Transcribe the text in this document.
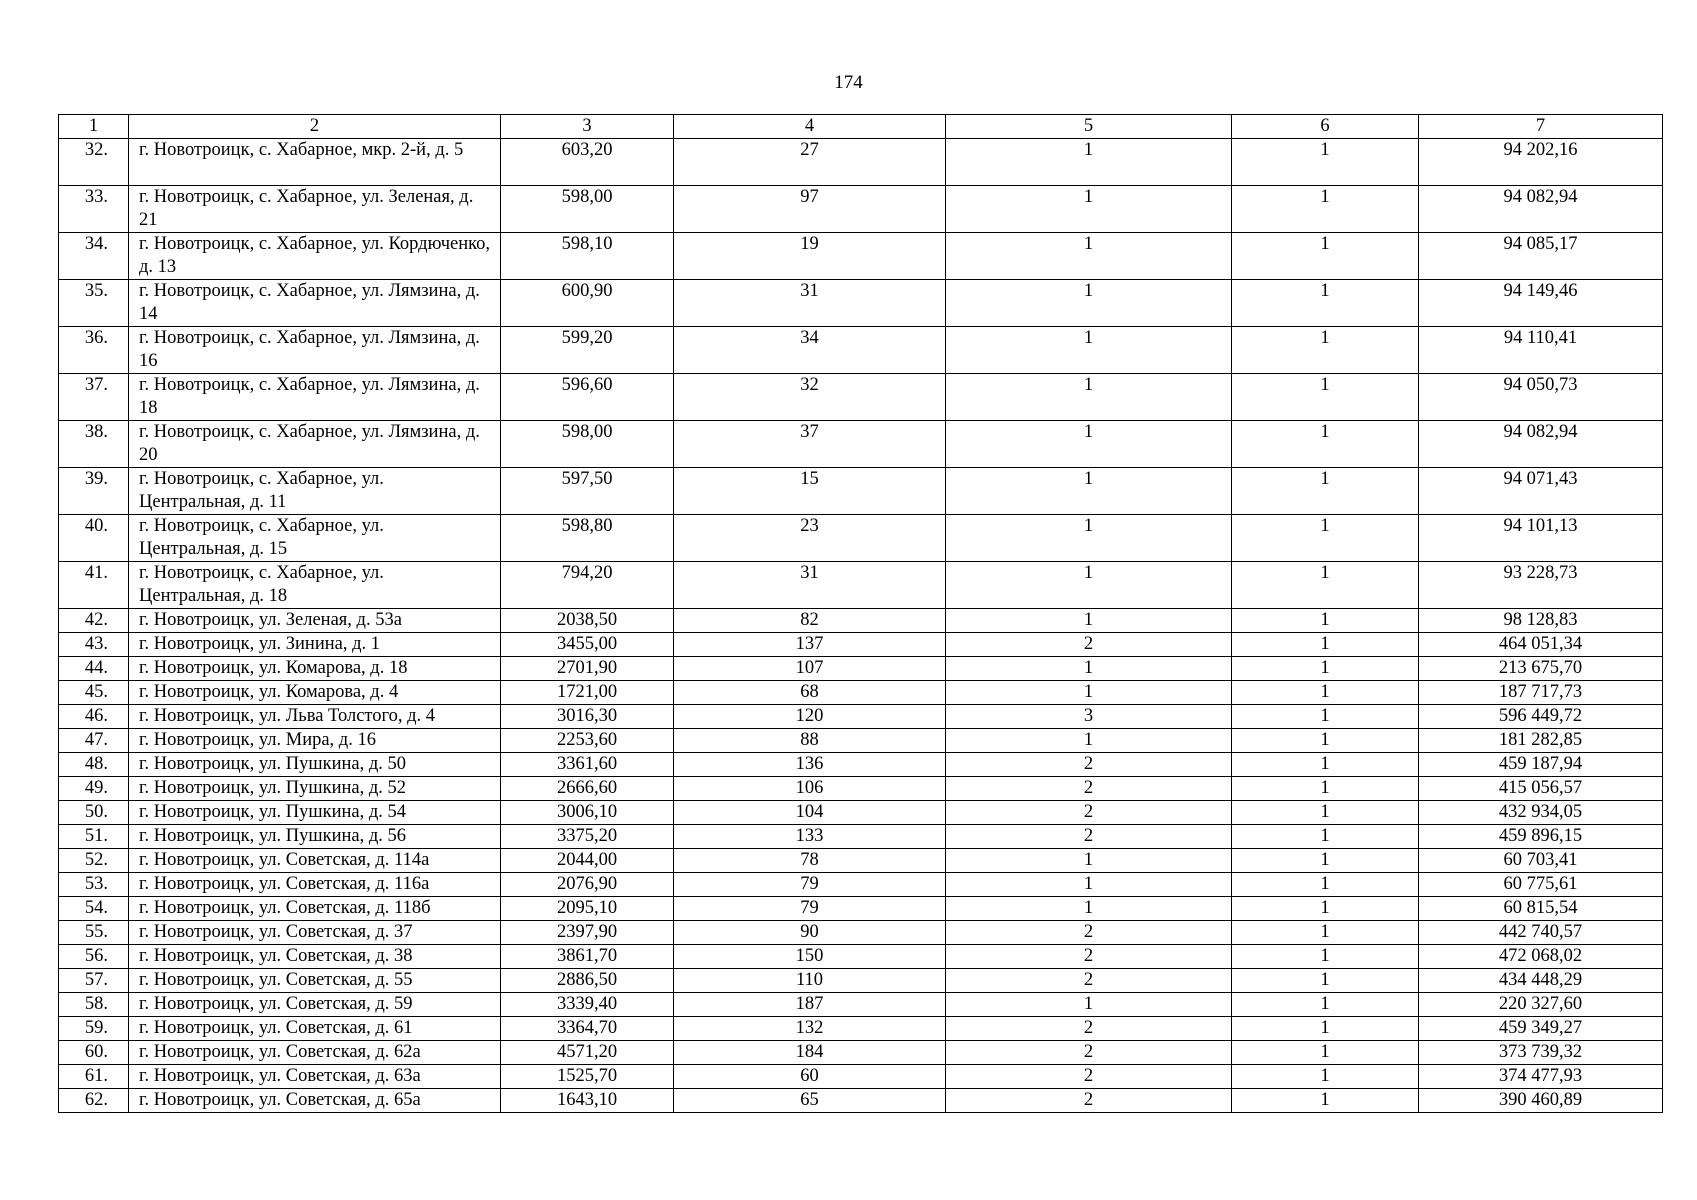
174
1	2	3	4	5	6	7
32.	г. Новотроицк, с. Хабарное, мкр. 2-й, д. 5	603,20	27	1	1	94 202,16
33.	г. Новотроицк, с. Хабарное, ул. Зеленая, д. 21	598,00	97	1	1	94 082,94
34.	г. Новотроицк, с. Хабарное, ул. Кордюченко, д. 13	598,10	19	1	1	94 085,17
35.	г. Новотроицк, с. Хабарное, ул. Лямзина, д. 14	600,90	31	1	1	94 149,46
36.	г. Новотроицк, с. Хабарное, ул. Лямзина, д. 16	599,20	34	1	1	94 110,41
37.	г. Новотроицк, с. Хабарное, ул. Лямзина, д. 18	596,60	32	1	1	94 050,73
38.	г. Новотроицк, с. Хабарное, ул. Лямзина, д. 20	598,00	37	1	1	94 082,94
39.	г. Новотроицк, с. Хабарное, ул. Центральная, д. 11	597,50	15	1	1	94 071,43
40.	г. Новотроицк, с. Хабарное, ул. Центральная, д. 15	598,80	23	1	1	94 101,13
41.	г. Новотроицк, с. Хабарное, ул. Центральная, д. 18	794,20	31	1	1	93 228,73
42.	г. Новотроицк, ул. Зеленая, д. 53а	2038,50	82	1	1	98 128,83
43.	г. Новотроицк, ул. Зинина, д. 1	3455,00	137	2	1	464 051,34
44.	г. Новотроицк, ул. Комарова, д. 18	2701,90	107	1	1	213 675,70
45.	г. Новотроицк, ул. Комарова, д. 4	1721,00	68	1	1	187 717,73
46.	г. Новотроицк, ул. Льва Толстого, д. 4	3016,30	120	3	1	596 449,72
47.	г. Новотроицк, ул. Мира, д. 16	2253,60	88	1	1	181 282,85
48.	г. Новотроицк, ул. Пушкина, д. 50	3361,60	136	2	1	459 187,94
49.	г. Новотроицк, ул. Пушкина, д. 52	2666,60	106	2	1	415 056,57
50.	г. Новотроицк, ул. Пушкина, д. 54	3006,10	104	2	1	432 934,05
51.	г. Новотроицк, ул. Пушкина, д. 56	3375,20	133	2	1	459 896,15
52.	г. Новотроицк, ул. Советская, д. 114а	2044,00	78	1	1	60 703,41
53.	г. Новотроицк, ул. Советская, д. 116а	2076,90	79	1	1	60 775,61
54.	г. Новотроицк, ул. Советская, д. 118б	2095,10	79	1	1	60 815,54
55.	г. Новотроицк, ул. Советская, д. 37	2397,90	90	2	1	442 740,57
56.	г. Новотроицк, ул. Советская, д. 38	3861,70	150	2	1	472 068,02
57.	г. Новотроицк, ул. Советская, д. 55	2886,50	110	2	1	434 448,29
58.	г. Новотроицк, ул. Советская, д. 59	3339,40	187	1	1	220 327,60
59.	г. Новотроицк, ул. Советская, д. 61	3364,70	132	2	1	459 349,27
60.	г. Новотроицк, ул. Советская, д. 62а	4571,20	184	2	1	373 739,32
61.	г. Новотроицк, ул. Советская, д. 63а	1525,70	60	2	1	374 477,93
62.	г. Новотроицк, ул. Советская, д. 65а	1643,10	65	2	1	390 460,89
